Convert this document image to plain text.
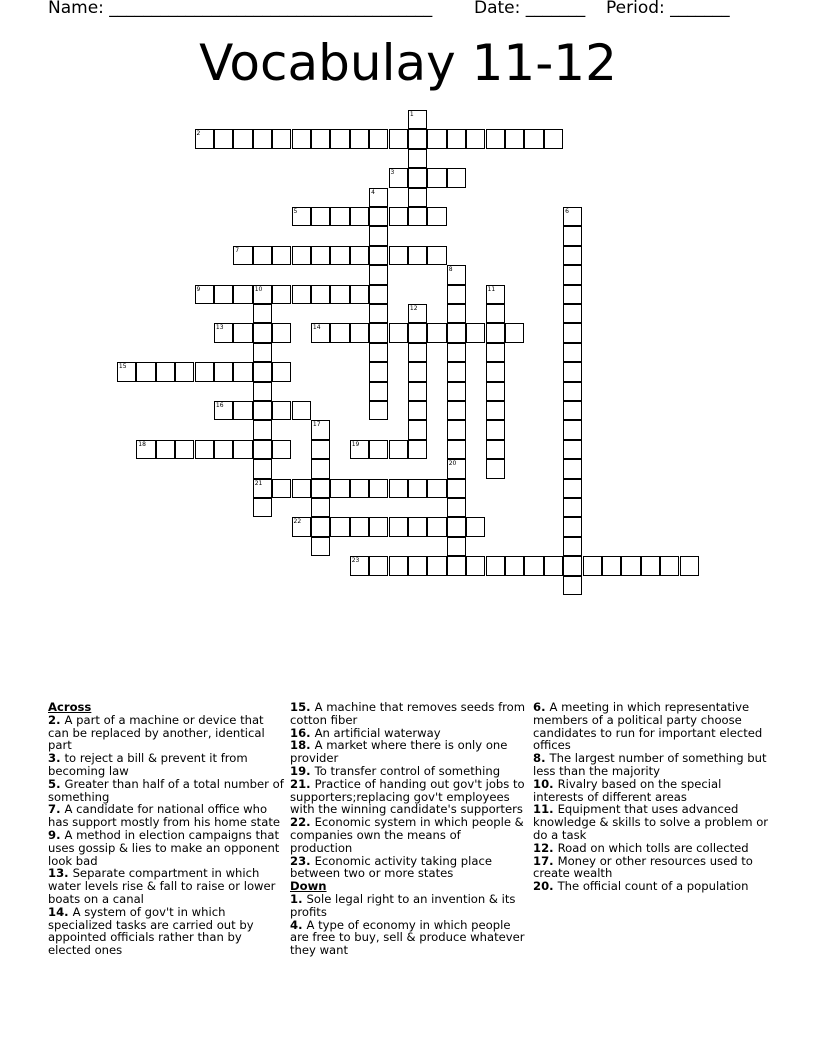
Name: ______________________________________ Date: _______ Period: _______
Vocabulay 11-12
2
3
5
7
9	10
13	14
15
16
18	19
21
22
23
1
4
6
8
11
12
17
20
Across

2. A part of a machine or device that can be replaced by another, identical part

3. to reject a bill & prevent it from becoming law

5. Greater than half of a total number of something

7. A candidate for national office who has support mostly from his home state

9. A method in election campaigns that uses gossip & lies to make an opponent look bad

13. Separate compartment in which water levels rise & fall to raise or lower boats on a canal

14. A system of gov't in which specialized tasks are carried out by appointed officials rather than by elected ones

15. A machine that removes seeds from cotton fiber

16. An artificial waterway

18. A market where there is only one provider

19. To transfer control of something

21. Practice of handing out gov't jobs to supporters;replacing gov't employees with the winning candidate's supporters

22. Economic system in which people & companies own the means of production

23. Economic activity taking place between two or more states

Down

1. Sole legal right to an invention & its profits

4. A type of economy in which people are free to buy, sell & produce whatever they want

6. A meeting in which representative members of a political party choose candidates to run for important elected offices

8. The largest number of something but less than the majority

10. Rivalry based on the special interests of different areas

11. Equipment that uses advanced knowledge & skills to solve a problem or do a task

12. Road on which tolls are collected

17. Money or other resources used to create wealth

20. The official count of a population
